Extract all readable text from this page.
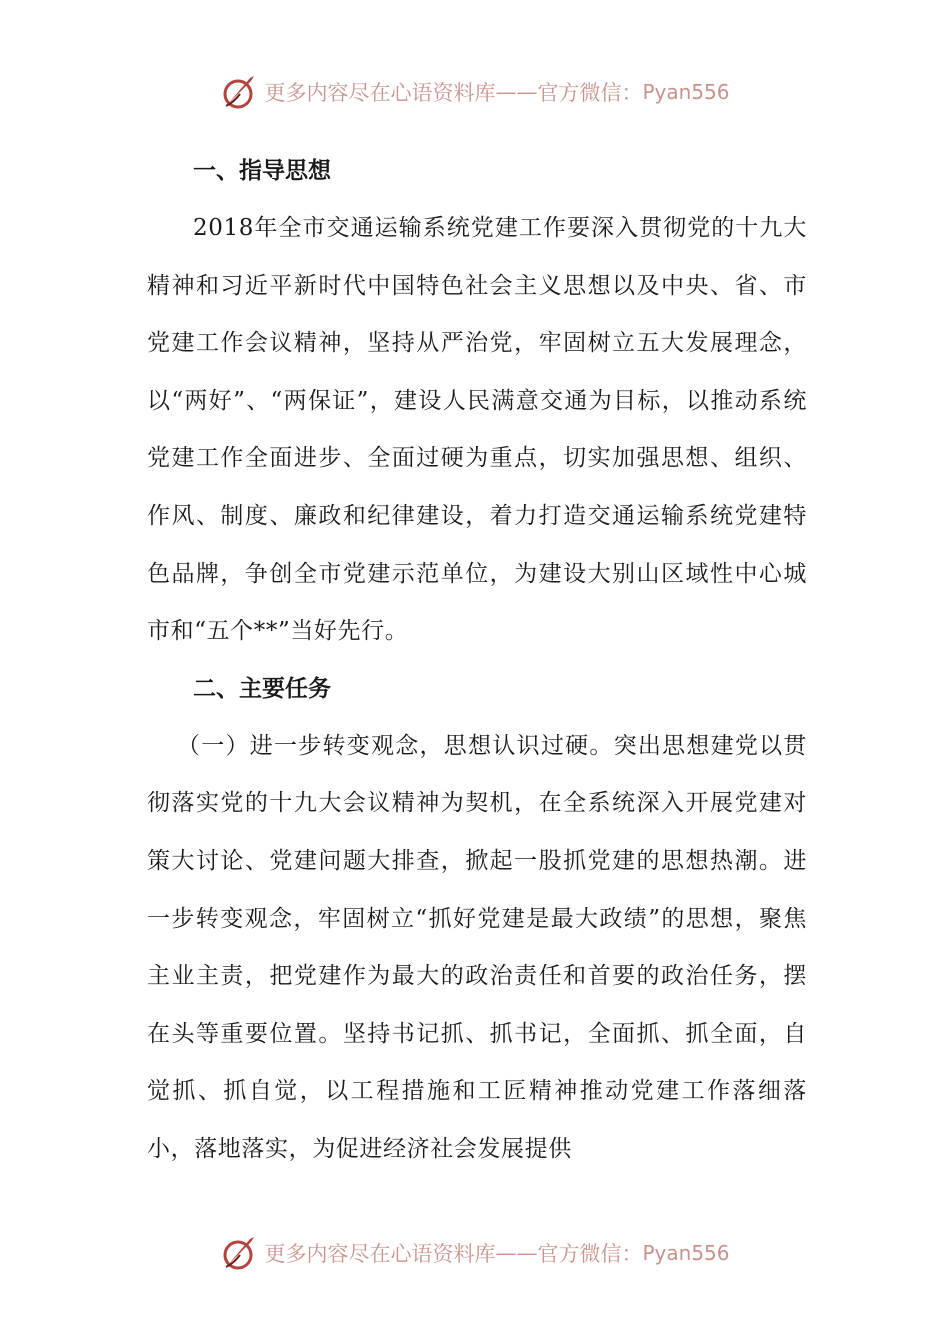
更多内容尽在心语资料库 —— 官方微信： Pyan556
一、指导思想

2018年全市交通运输系统党建工作要深入贯彻党的十九大精神和习近平新时代中国特色社会主义思想以及中央、省、市党建工作会议精神，坚持从严治党，牢固树立五大发展理念，以“两好”、“两保证”，建设人民满意交通为目标，以推动系统党建工作全面进步、全面过硬为重点，切实加强思想、组织、作风、制度、廉政和纪律建设，着力打造交通运输系统党建特色品牌，争创全市党建示范单位，为建设大别山区域性中心城市和“五个**”当好先行。

二、主要任务

（一）进一步转变观念，思想认识过硬。突出思想建党以贯彻落实党的十九大会议精神为契机，在全系统深入开展党建对策大讨论、党建问题大排查，掀起一股抓党建的思想热潮。进一步转变观念，牢固树立“抓好党建是最大政绩”的思想，聚焦主业主责，把党建作为最大的政治责任和首要的政治任务，摆在头等重要位置。坚持书记抓、抓书记，全面抓、抓全面，自觉抓、抓自觉，以工程措施和工匠精神推动党建工作落细落小，落地落实，为促进经济社会发展提供

更多内容尽在心语资料库 —— 官方微信： Pyan556
